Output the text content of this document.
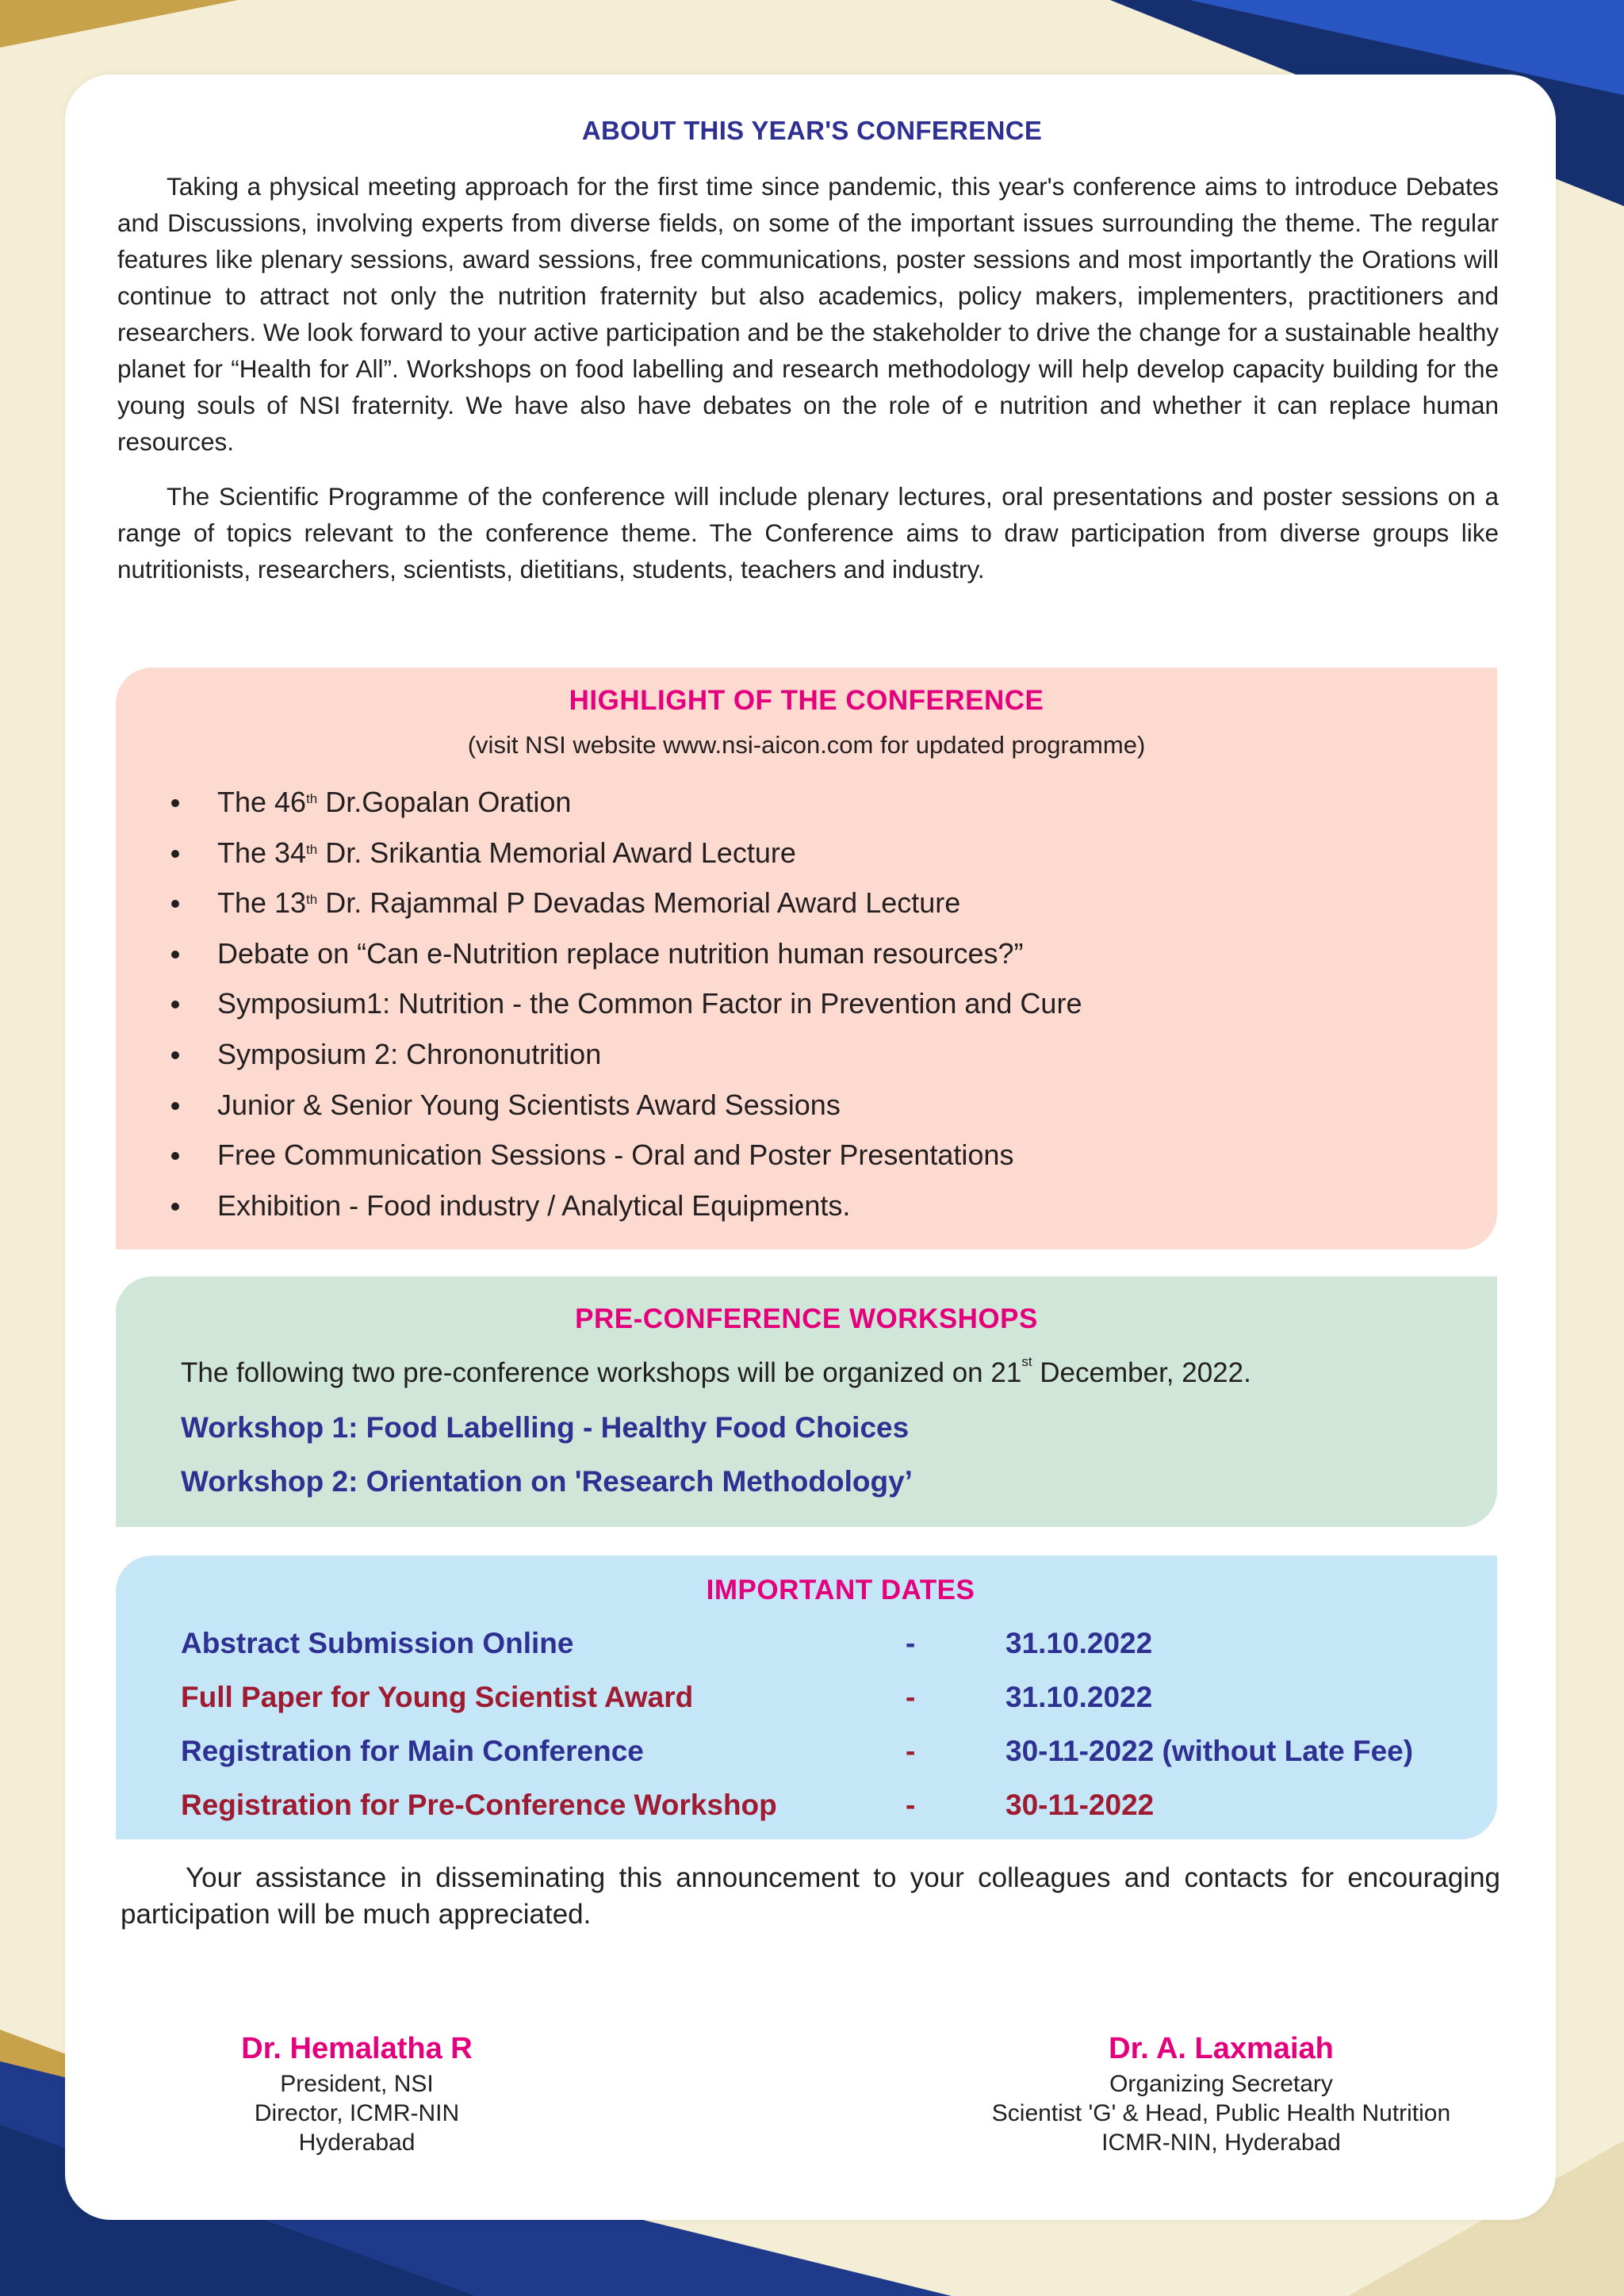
ABOUT THIS YEAR'S CONFERENCE

Taking a physical meeting approach for the first time since pandemic, this year's conference aims to introduce Debates and Discussions, involving experts from diverse fields, on some of the important issues surrounding the theme. The regular features like plenary sessions, award sessions, free communications, poster sessions and most importantly the Orations will continue to attract not only the nutrition fraternity but also academics, policy makers, implementers, practitioners and researchers. We look forward to your active participation and be the stakeholder to drive the change for a sustainable healthy planet for “Health for All”. Workshops on food labelling and research methodology will help develop capacity building for the young souls of NSI fraternity. We have also have debates on the role of e nutrition and whether it can replace human resources.

The Scientific Programme of the conference will include plenary lectures, oral presentations and poster sessions on a range of topics relevant to the conference theme. The Conference aims to draw participation from diverse groups like nutritionists, researchers, scientists, dietitians, students, teachers and industry.

HIGHLIGHT OF THE CONFERENCE
(visit NSI website www.nsi-aicon.com for updated programme)
The 46th Dr.Gopalan Oration
The 34th Dr. Srikantia Memorial Award Lecture
The 13th Dr. Rajammal P Devadas Memorial Award Lecture
Debate on “Can e-Nutrition replace nutrition human resources?”
Symposium1: Nutrition - the Common Factor in Prevention and Cure
Symposium 2: Chrononutrition
Junior & Senior Young Scientists Award Sessions
Free Communication Sessions - Oral and Poster Presentations
Exhibition - Food industry / Analytical Equipments.
PRE-CONFERENCE WORKSHOPS
The following two pre-conference workshops will be organized on 21st December, 2022.
Workshop 1: Food Labelling - Healthy Food Choices
Workshop 2: Orientation on 'Research Methodology’
IMPORTANT DATES
Abstract Submission Online	-	31.10.2022
Full Paper for Young Scientist Award	-	31.10.2022
Registration for Main Conference	-	30-11-2022 (without Late Fee)
Registration for Pre-Conference Workshop	-	30-11-2022

Your assistance in disseminating this announcement to your colleagues and contacts for encouraging participation will be much appreciated.

Dr. Hemalatha R
President, NSI
Director, ICMR-NIN
Hyderabad
Dr. A. Laxmaiah
Organizing Secretary
Scientist 'G' & Head, Public Health Nutrition
ICMR-NIN, Hyderabad
